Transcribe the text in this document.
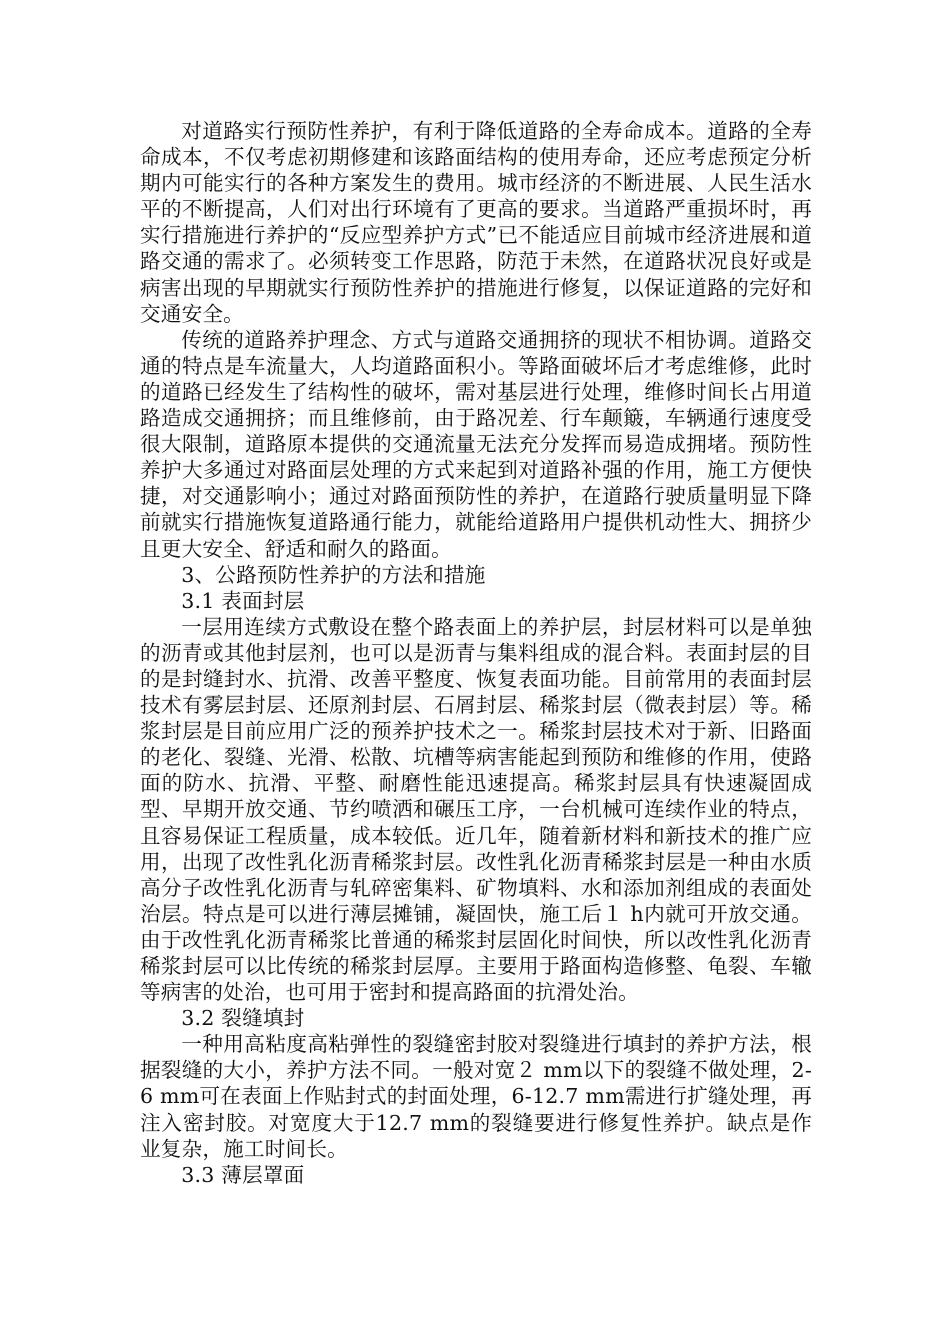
对道路实行预防性养护，有利于降低道路的全寿命成本。道路的全寿命成本，不仅考虑初期修建和该路面结构的使用寿命，还应考虑预定分析期内可能实行的各种方案发生的费用。城市经济的不断进展、人民生活水平的不断提高，人们对出行环境有了更高的要求。当道路严重损坏时，再实行措施进行养护的“反应型养护方式”已不能适应目前城市经济进展和道路交通的需求了。必须转变工作思路，防范于未然，在道路状况良好或是病害出现的早期就实行预防性养护的措施进行修复，以保证道路的完好和交通安全。

传统的道路养护理念、方式与道路交通拥挤的现状不相协调。道路交通的特点是车流量大，人均道路面积小。等路面破坏后才考虑维修，此时的道路已经发生了结构性的破坏，需对基层进行处理，维修时间长占用道路造成交通拥挤；而且维修前，由于路况差、行车颠簸，车辆通行速度受很大限制，道路原本提供的交通流量无法充分发挥而易造成拥堵。预防性养护大多通过对路面层处理的方式来起到对道路补强的作用，施工方便快捷，对交通影响小；通过对路面预防性的养护，在道路行驶质量明显下降前就实行措施恢复道路通行能力，就能给道路用户提供机动性大、拥挤少且更大安全、舒适和耐久的路面。

3、公路预防性养护的方法和措施

3.1 表面封层

一层用连续方式敷设在整个路表面上的养护层，封层材料可以是单独的沥青或其他封层剂，也可以是沥青与集料组成的混合料。表面封层的目的是封缝封水、抗滑、改善平整度、恢复表面功能。目前常用的表面封层技术有雾层封层、还原剂封层、石屑封层、稀浆封层（微表封层）等。稀浆封层是目前应用广泛的预养护技术之一。稀浆封层技术对于新、旧路面的老化、裂缝、光滑、松散、坑槽等病害能起到预防和维修的作用，使路面的防水、抗滑、平整、耐磨性能迅速提高。稀浆封层具有快速凝固成型、早期开放交通、节约喷洒和碾压工序，一台机械可连续作业的特点，且容易保证工程质量，成本较低。近几年，随着新材料和新技术的推广应用，出现了改性乳化沥青稀浆封层。改性乳化沥青稀浆封层是一种由水质高分子改性乳化沥青与轧碎密集料、矿物填料、水和添加剂组成的表面处治层。特点是可以进行薄层摊铺，凝固快，施工后１ h内就可开放交通。由于改性乳化沥青稀浆比普通的稀浆封层固化时间快，所以改性乳化沥青稀浆封层可以比传统的稀浆封层厚。主要用于路面构造修整、龟裂、车辙等病害的处治，也可用于密封和提高路面的抗滑处治。

3.2 裂缝填封

一种用高粘度高粘弹性的裂缝密封胶对裂缝进行填封的养护方法，根据裂缝的大小，养护方法不同。一般对宽２ mm以下的裂缝不做处理，2-6 mm可在表面上作贴封式的封面处理，6-12.7 mm需进行扩缝处理，再注入密封胶。对宽度大于12.7 mm的裂缝要进行修复性养护。缺点是作业复杂，施工时间长。

3.3 薄层罩面
